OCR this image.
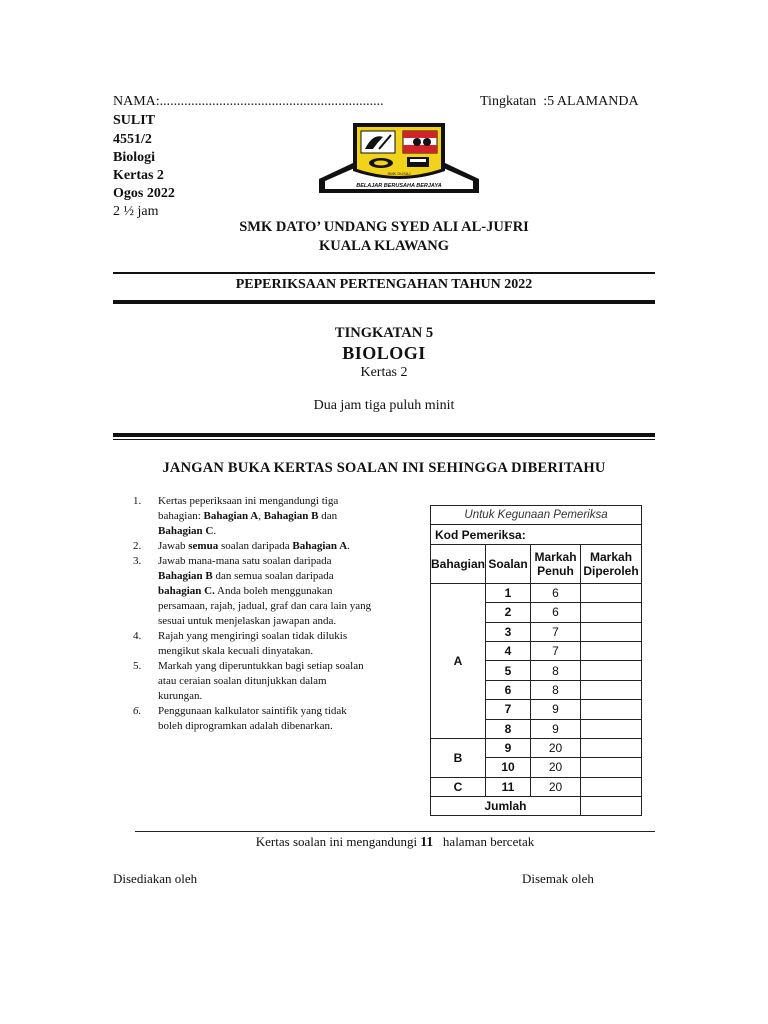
NAMA:................................................................	Tingkatan :5 ALAMANDA
SULIT
4551/2
Biologi
Kertas 2
Ogos 2022
2 ½ jam
SMK DUSAJ
BELAJAR BERUSAHA BERJAYA
SMK DATO’ UNDANG SYED ALI AL-JUFRI
KUALA KLAWANG
PEPERIKSAAN PERTENGAHAN TAHUN 2022
TINGKATAN 5
BIOLOGI
Kertas 2
Dua jam tiga puluh minit
JANGAN BUKA KERTAS SOALAN INI SEHINGGA DIBERITAHU
1.	Kertas peperiksaan ini mengandungi tiga bahagian: Bahagian A, Bahagian B dan Bahagian C.
2.	Jawab semua soalan daripada Bahagian A.
3.	Jawab mana-mana satu soalan daripada Bahagian B dan semua soalan daripada bahagian C. Anda boleh menggunakan persamaan, rajah, jadual, graf dan cara lain yang sesuai untuk menjelaskan jawapan anda.
4.	Rajah yang mengiringi soalan tidak dilukis mengikut skala kecuali dinyatakan.
5.	Markah yang diperuntukkan bagi setiap soalan atau ceraian soalan ditunjukkan dalam kurungan.
6.	Penggunaan kalkulator saintifik yang tidak boleh diprogramkan adalah dibenarkan.
Untuk Kegunaan Pemeriksa			
Kod Pemeriksa:			
Bahagian	Soalan	Markah Penuh	Markah Diperoleh
A	1	6	
	2	6	
	3	7	
	4	7	
	5	8	
	6	8	
	7	9	
	8	9	
B	9	20	
	10	20	
C	11	20	
Jumlah			
Kertas soalan ini mengandungi 11   halaman bercetak
Disediakan oleh	Disemak oleh
